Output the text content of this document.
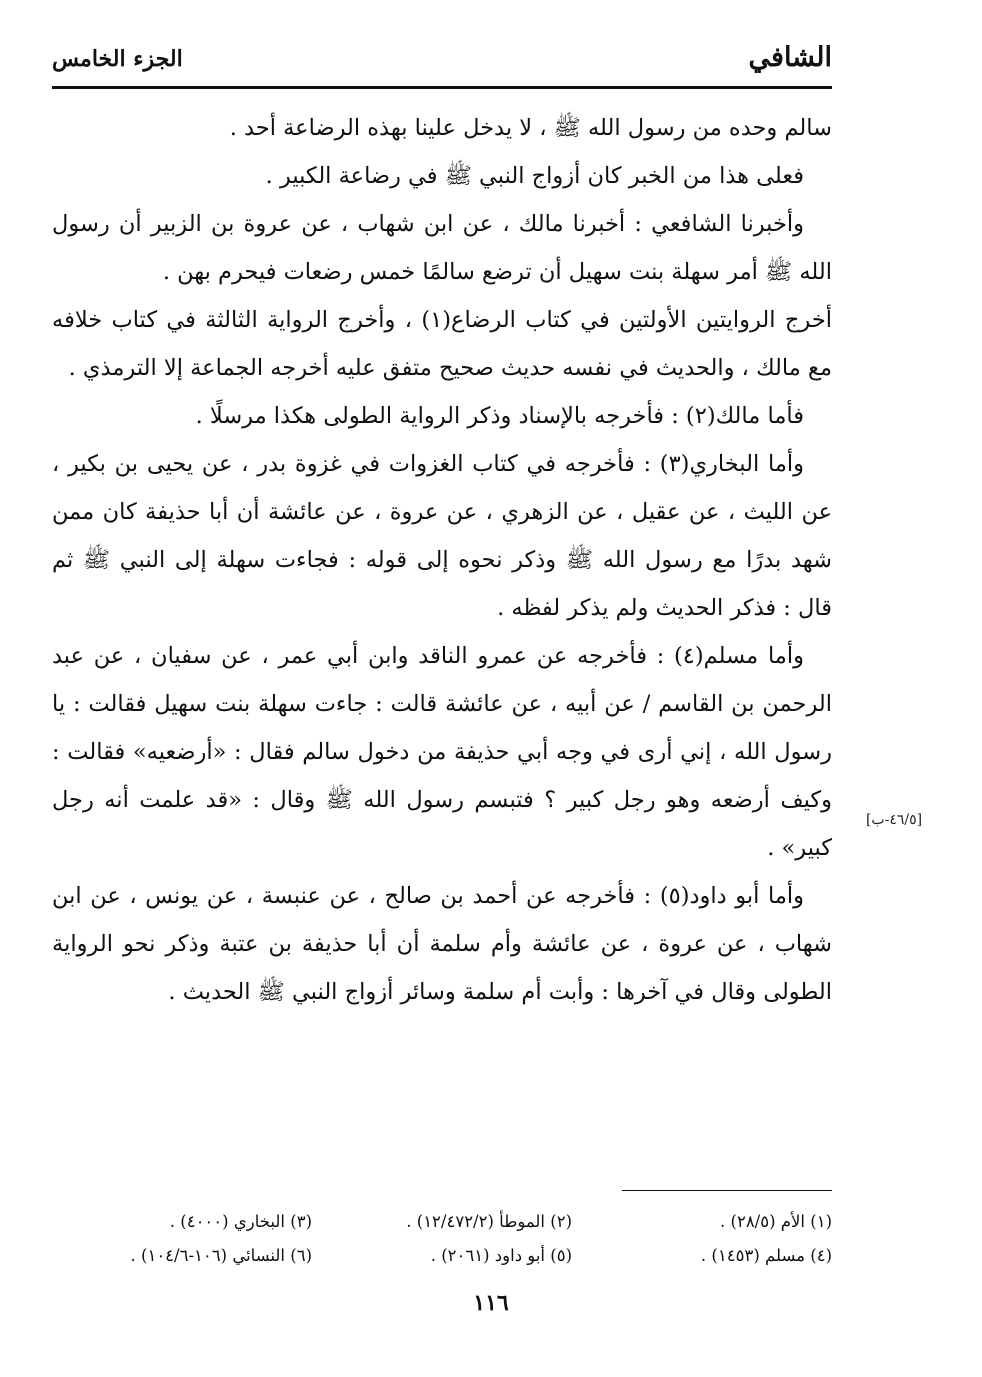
الشافي
الجزء الخامس

سالم وحده من رسول الله ﷺ ، لا يدخل علينا بهذه الرضاعة أحد .

فعلى هذا من الخبر كان أزواج النبي ﷺ في رضاعة الكبير .

وأخبرنا الشافعي : أخبرنا مالك ، عن ابن شهاب ، عن عروة بن الزبير أن رسول الله ﷺ أمر سهلة بنت سهيل أن ترضع سالمًا خمس رضعات فيحرم بهن .

أخرج الروايتين الأولتين في كتاب الرضاع(١) ، وأخرج الرواية الثالثة في كتاب خلافه مع مالك ، والحديث في نفسه حديث صحيح متفق عليه أخرجه الجماعة إلا الترمذي .

فأما مالك(٢) : فأخرجه بالإسناد وذكر الرواية الطولى هكذا مرسلًا .

وأما البخاري(٣) : فأخرجه في كتاب الغزوات في غزوة بدر ، عن يحيى بن بكير ، عن الليث ، عن عقيل ، عن الزهري ، عن عروة ، عن عائشة أن أبا حذيفة كان ممن شهد بدرًا مع رسول الله ﷺ وذكر نحوه إلى قوله : فجاءت سهلة إلى النبي ﷺ ثم قال : فذكر الحديث ولم يذكر لفظه .

وأما مسلم(٤) : فأخرجه عن عمرو الناقد وابن أبي عمر ، عن سفيان ، عن عبد الرحمن بن القاسم / عن أبيه ، عن عائشة قالت : جاءت سهلة بنت سهيل فقالت : يا رسول الله ، إني أرى في وجه أبي حذيفة من دخول سالم فقال : «أرضعيه» فقالت : وكيف أرضعه وهو رجل كبير ؟ فتبسم رسول الله ﷺ وقال : «قد علمت أنه رجل كبير» .

وأما أبو داود(٥) : فأخرجه عن أحمد بن صالح ، عن عنبسة ، عن يونس ، عن ابن شهاب ، عن عروة ، عن عائشة وأم سلمة أن أبا حذيفة بن عتبة وذكر نحو الرواية الطولى وقال في آخرها : وأبت أم سلمة وسائر أزواج النبي ﷺ الحديث .

[٤٦/٥-ب]
(١) الأم (٢٨/٥) .
(٢) الموطأ (١٢/٤٧٢/٢) .
(٣) البخاري (٤٠٠٠) .
(٤) مسلم (١٤٥٣) .
(٥) أبو داود (٢٠٦١) .
(٦) النسائي (١٠٦-١٠٤/٦) .
١١٦
